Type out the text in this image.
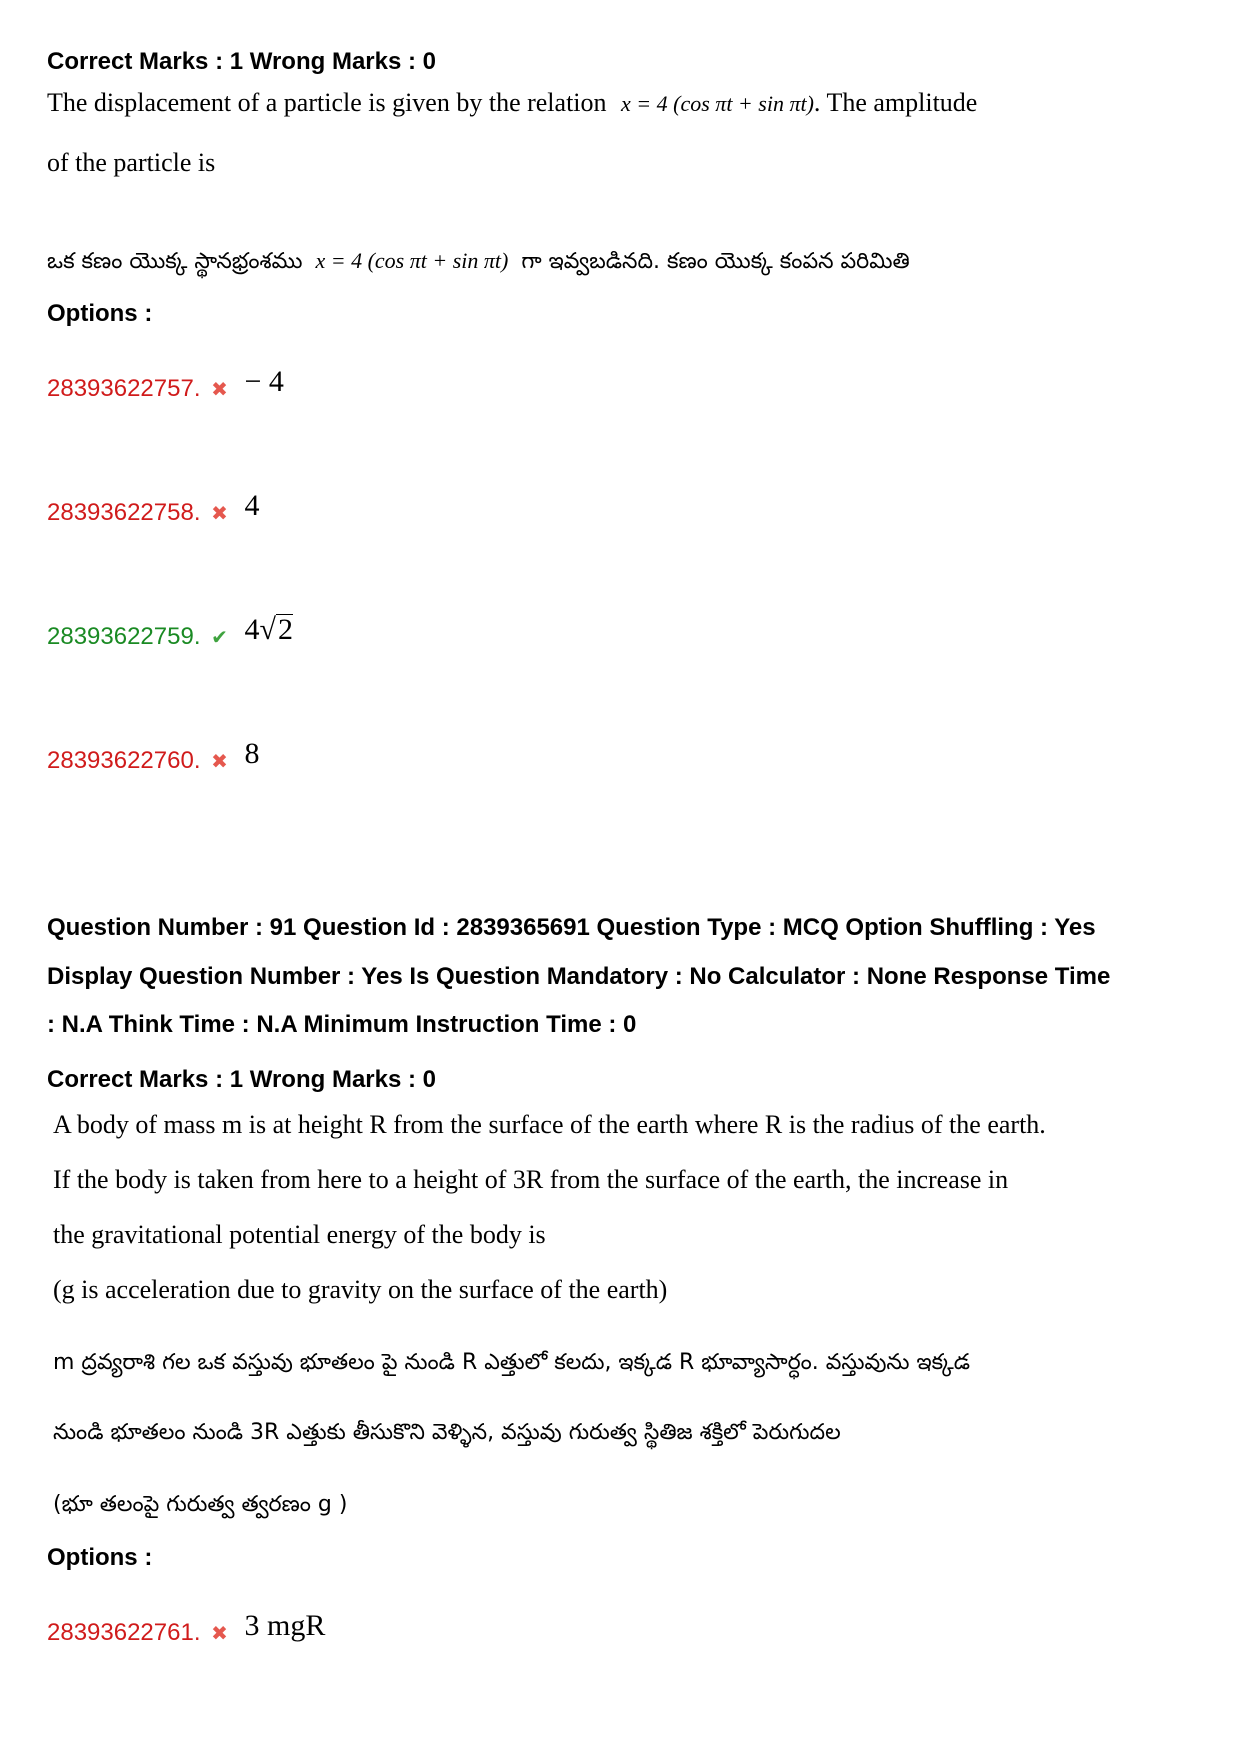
Correct Marks : 1 Wrong Marks : 0
The displacement of a particle is given by the relation x = 4 (cos πt + sin πt). The amplitude
of the particle is
ఒక కణం యొక్క స్థానభ్రంశము x = 4 (cos πt + sin πt) గా ఇవ్వబడినది. కణం యొక్క కంపన పరిమితి
Options :
28393622757. ✖ − 4
28393622758. ✖ 4
28393622759. ✔ 4√2
28393622760. ✖ 8
Question Number : 91 Question Id : 2839365691 Question Type : MCQ Option Shuffling : Yes
Display Question Number : Yes Is Question Mandatory : No Calculator : None Response Time
: N.A Think Time : N.A Minimum Instruction Time : 0
Correct Marks : 1 Wrong Marks : 0
A body of mass m is at height R from the surface of the earth where R is the radius of the earth.
If the body is taken from here to a height of 3R from the surface of the earth, the increase in
the gravitational potential energy of the body is
(g is acceleration due to gravity on the surface of the earth)
m ద్రవ్యరాశి గల ఒక వస్తువు భూతలం పై నుండి R ఎత్తులో కలదు, ఇక్కడ R భూవ్యాసార్ధం. వస్తువును ఇక్కడ
నుండి భూతలం నుండి 3R ఎత్తుకు తీసుకొని వెళ్ళిన, వస్తువు గురుత్వ స్థితిజ శక్తిలో పెరుగుదల
(భూ తలంపై గురుత్వ త్వరణం g )
Options :
28393622761. ✖ 3 mgR
